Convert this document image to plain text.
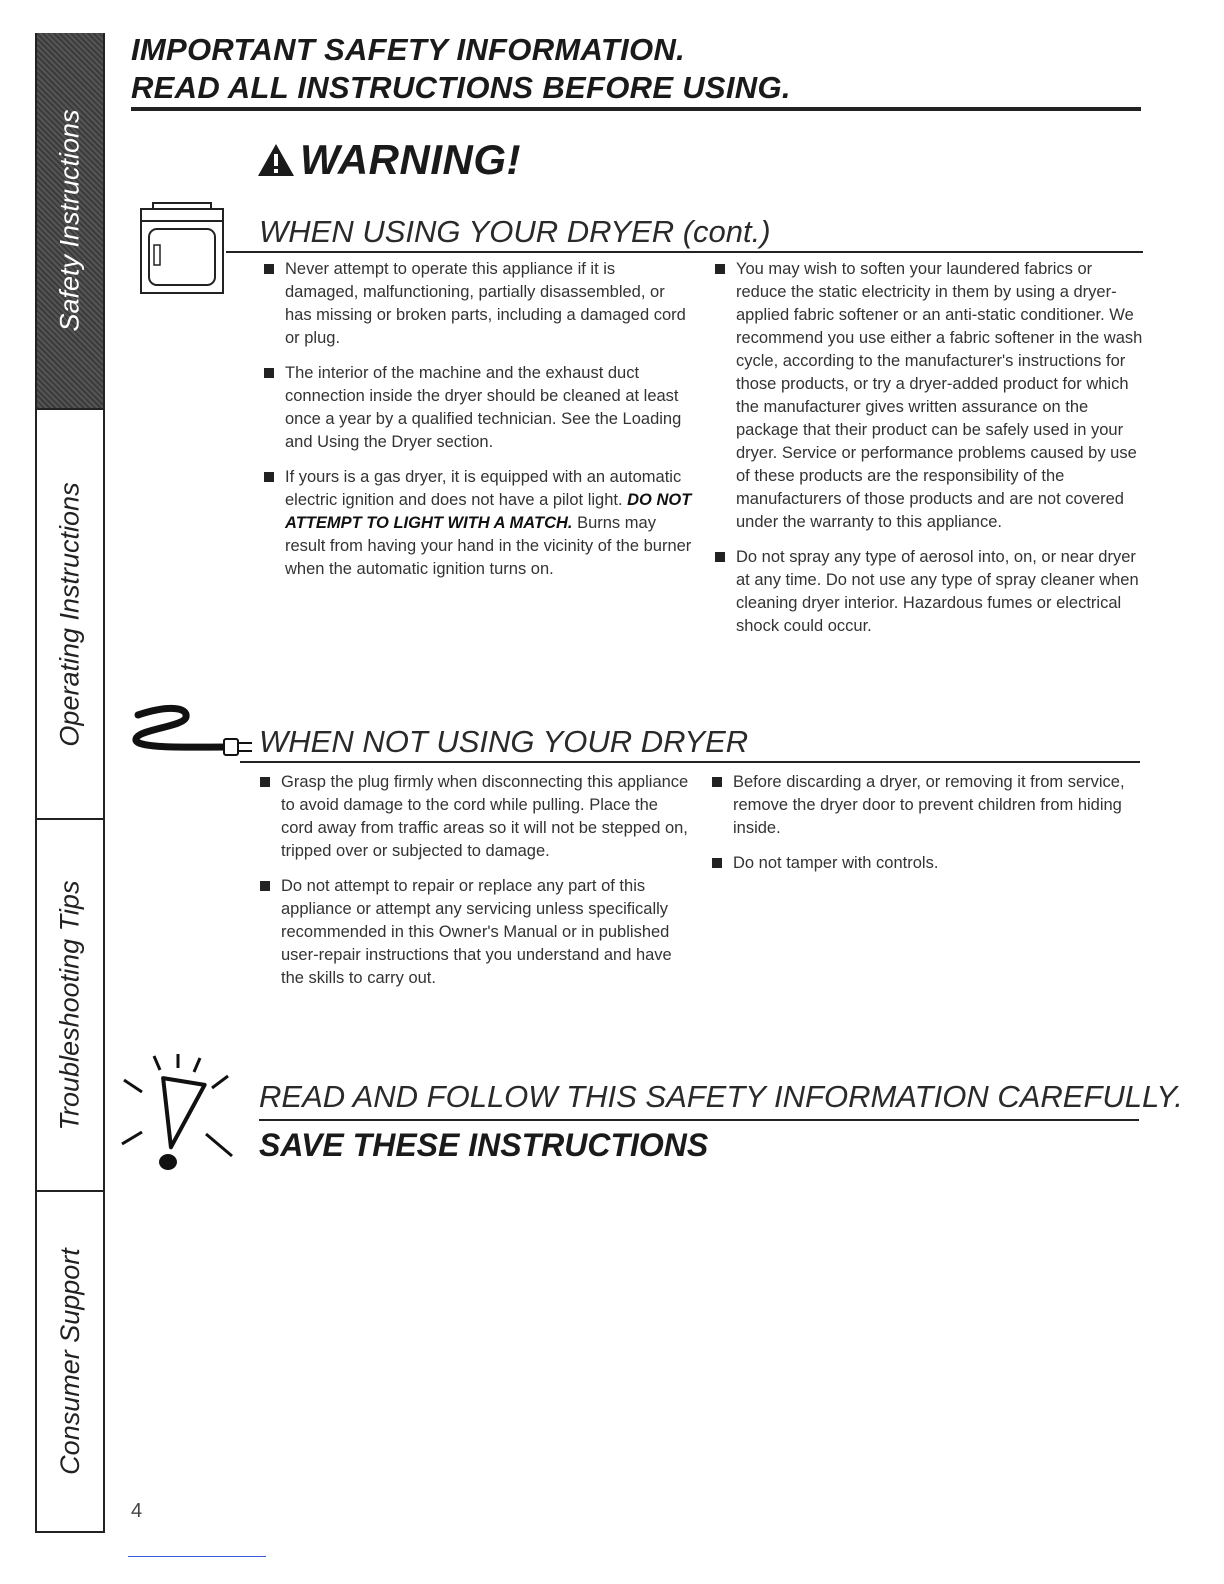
Safety Instructions
Operating Instructions
Troubleshooting Tips
Consumer Support
IMPORTANT SAFETY INFORMATION.
READ ALL INSTRUCTIONS BEFORE USING.
WARNING!
WHEN USING YOUR DRYER (cont.)

Never attempt to operate this appliance if it is damaged, malfunctioning, partially disassembled, or has missing or broken parts, including a damaged cord or plug.

The interior of the machine and the exhaust duct connection inside the dryer should be cleaned at least once a year by a qualified technician. See the Loading and Using the Dryer section.

If yours is a gas dryer, it is equipped with an automatic electric ignition and does not have a pilot light. DO NOT ATTEMPT TO LIGHT WITH A MATCH. Burns may result from having your hand in the vicinity of the burner when the automatic ignition turns on.

You may wish to soften your laundered fabrics or reduce the static electricity in them by using a dryer-applied fabric softener or an anti-static conditioner. We recommend you use either a fabric softener in the wash cycle, according to the manufacturer's instructions for those products, or try a dryer-added product for which the manufacturer gives written assurance on the package that their product can be safely used in your dryer. Service or performance problems caused by use of these products are the responsibility of the manufacturers of those products and are not covered under the warranty to this appliance.

Do not spray any type of aerosol into, on, or near dryer at any time. Do not use any type of spray cleaner when cleaning dryer interior. Hazardous fumes or electrical shock could occur.

WHEN NOT USING YOUR DRYER

Grasp the plug firmly when disconnecting this appliance to avoid damage to the cord while pulling. Place the cord away from traffic areas so it will not be stepped on, tripped over or subjected to damage.

Do not attempt to repair or replace any part of this appliance or attempt any servicing unless specifically recommended in this Owner's Manual or in published user-repair instructions that you understand and have the skills to carry out.

Before discarding a dryer, or removing it from service, remove the dryer door to prevent children from hiding inside.

Do not tamper with controls.

READ AND FOLLOW THIS SAFETY INFORMATION CAREFULLY.
SAVE THESE INSTRUCTIONS
4
